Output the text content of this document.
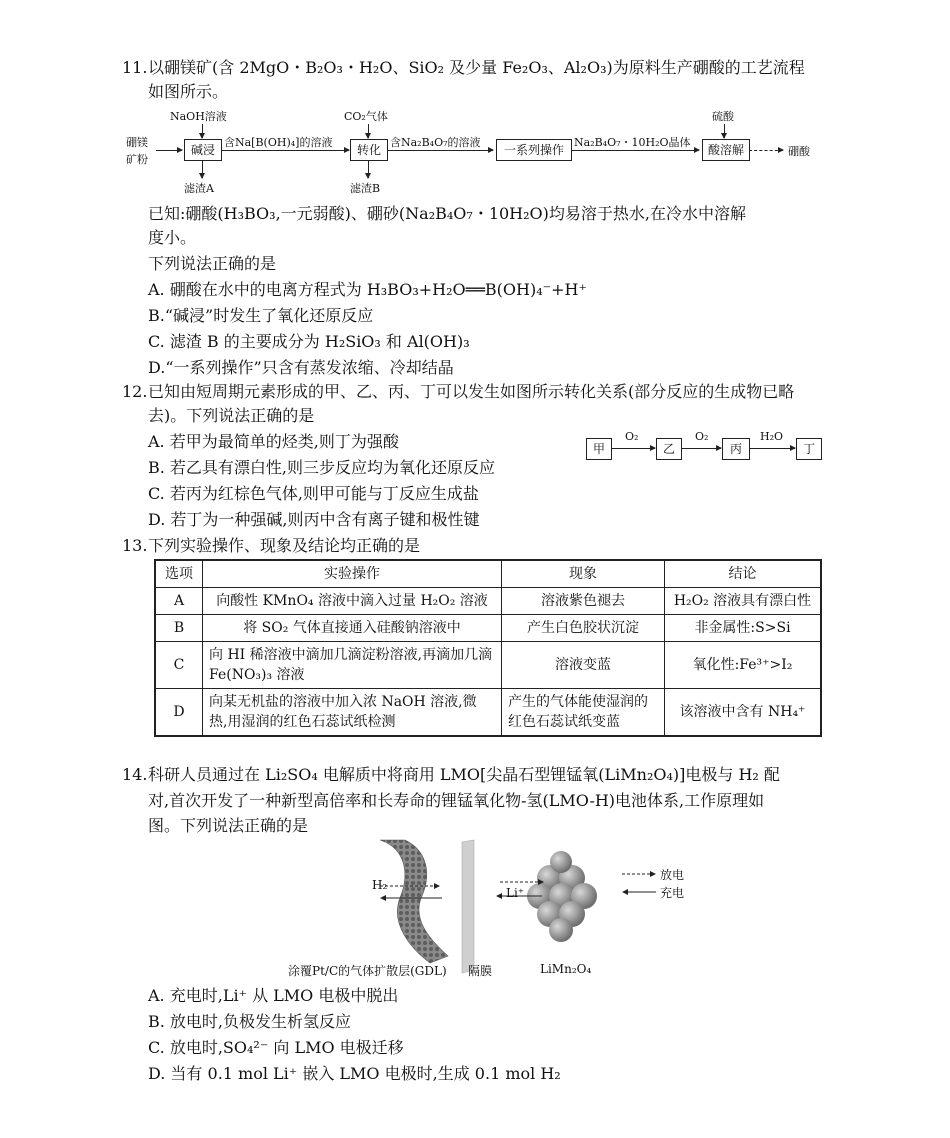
11. 以硼镁矿(含 2MgO・B₂O₃・H₂O、SiO₂ 及少量 Fe₂O₃、Al₂O₃)为原料生产硼酸的工艺流程
如图所示。
硼镁
矿粉
NaOH溶液
碱浸
滤渣A
含Na[B(OH)₄]的溶液
CO₂气体
转化
滤渣B
含Na₂B₄O₇的溶液
一系列操作
Na₂B₄O₇・10H₂O晶体
硫酸
酸溶解	硼酸
已知:硼酸(H₃BO₃,一元弱酸)、硼砂(Na₂B₄O₇・10H₂O)均易溶于热水,在冷水中溶解
度小。
下列说法正确的是
A. 硼酸在水中的电离方程式为 H₃BO₃+H₂O══B(OH)₄⁻+H⁺
B.“碱浸”时发生了氧化还原反应
C. 滤渣 B 的主要成分为 H₂SiO₃ 和 Al(OH)₃
D.“一系列操作”只含有蒸发浓缩、冷却结晶
12. 已知由短周期元素形成的甲、乙、丙、丁可以发生如图所示转化关系(部分反应的生成物已略
去)。下列说法正确的是
A. 若甲为最简单的烃类,则丁为强酸
B. 若乙具有漂白性,则三步反应均为氧化还原反应
C. 若丙为红棕色气体,则甲可能与丁反应生成盐
D. 若丁为一种强碱,则丙中含有离子键和极性键
甲
O₂
乙
O₂
丙
H₂O
丁
13. 下列实验操作、现象及结论均正确的是
选项	实验操作	现象	结论
A	向酸性 KMnO₄ 溶液中滴入过量 H₂O₂ 溶液	溶液紫色褪去	H₂O₂ 溶液具有漂白性
B	将 SO₂ 气体直接通入硅酸钠溶液中	产生白色胶状沉淀	非金属性:S>Si
C	向 HI 稀溶液中滴加几滴淀粉溶液,再滴加几滴 Fe(NO₃)₃ 溶液	溶液变蓝	氧化性:Fe³⁺>I₂
D	向某无机盐的溶液中加入浓 NaOH 溶液,微热,用湿润的红色石蕊试纸检测	产生的气体能使湿润的红色石蕊试纸变蓝	该溶液中含有 NH₄⁺
14. 科研人员通过在 Li₂SO₄ 电解质中将商用 LMO[尖晶石型锂锰氧(LiMn₂O₄)]电极与 H₂ 配
对,首次开发了一种新型高倍率和长寿命的锂锰氧化物-氢(LMO-H)电池体系,工作原理如
图。下列说法正确的是
H₂
Li⁺
放电
充电
涂覆Pt/C的气体扩散层(GDL) 隔膜	LiMn₂O₄
A. 充电时,Li⁺ 从 LMO 电极中脱出
B. 放电时,负极发生析氢反应
C. 放电时,SO₄²⁻ 向 LMO 电极迁移
D. 当有 0.1 mol Li⁺ 嵌入 LMO 电极时,生成 0.1 mol H₂
